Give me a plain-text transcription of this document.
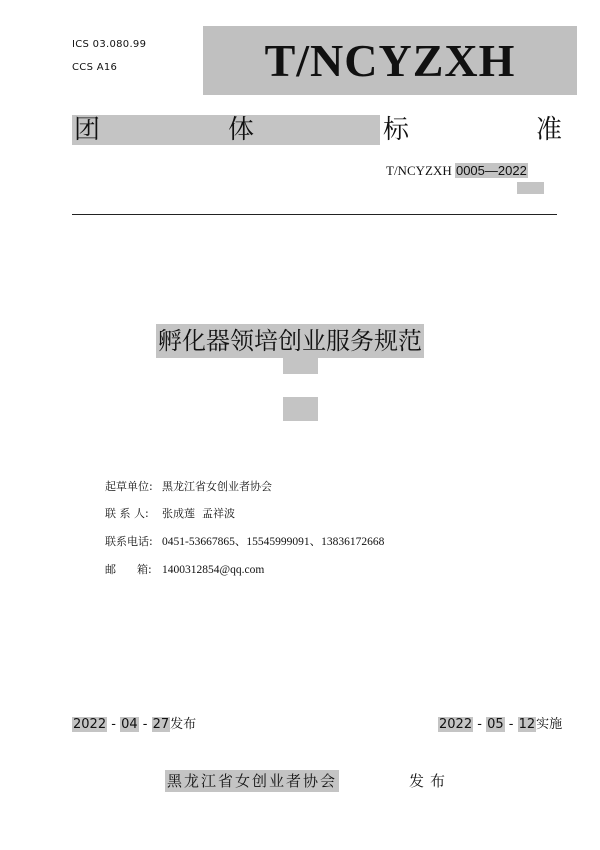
ICS 03.080.99
CCS A16	T/NCYZXH
团	体	标	准
T/NCYZXH 0005—2022
孵化器领培创业服务规范
起草单位: 黑龙江省女创业者协会
联 系 人: 张成莲  孟祥波
联系电话: 0451-53667865、15545999091、13836172668
邮      箱: 1400312854@qq.com
2022 - 04 - 27发布	2022 - 05 - 12实施
黑龙江省女创业者协会	发布
